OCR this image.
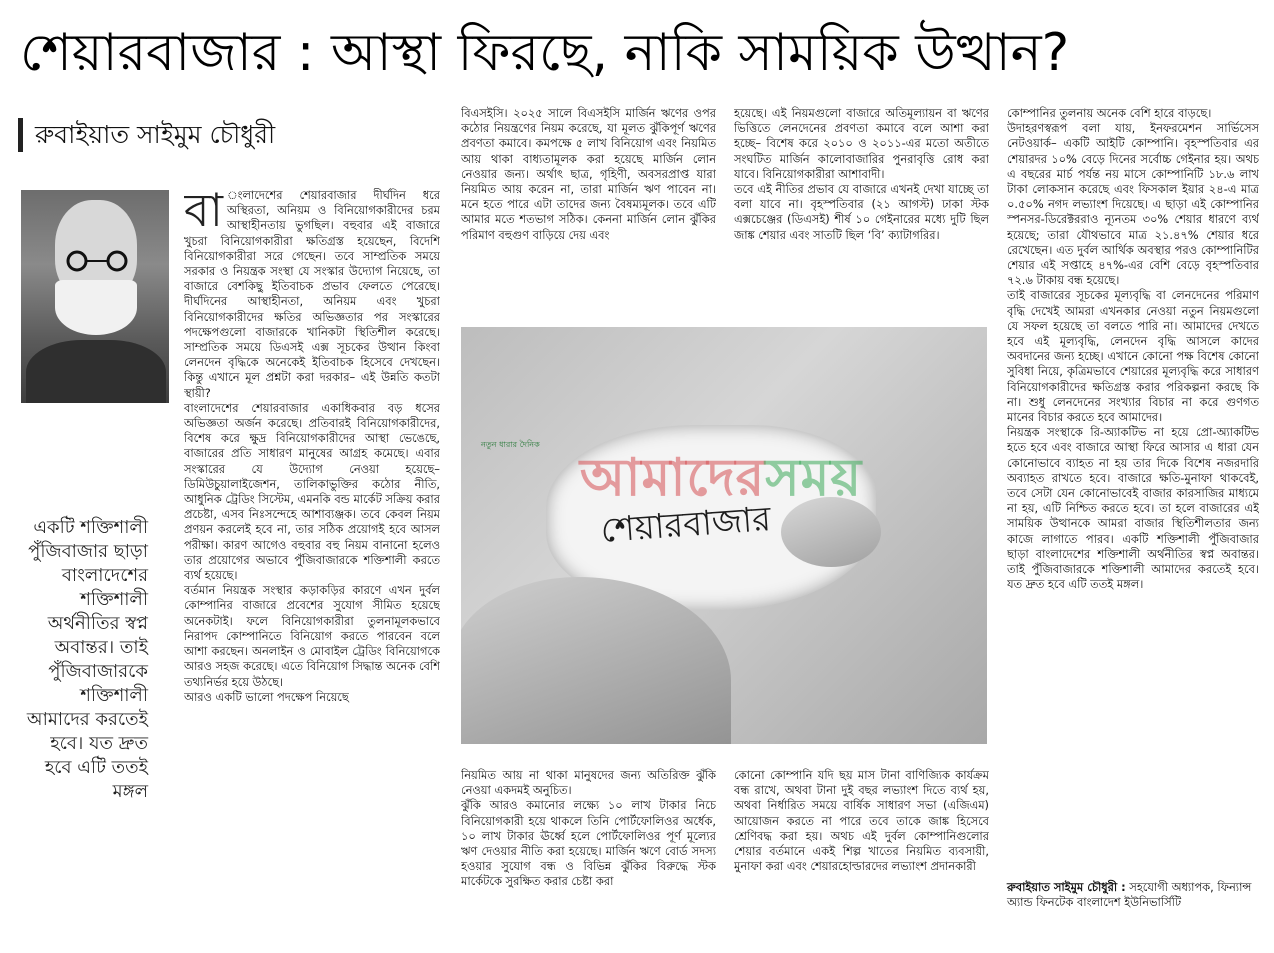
শেয়ারবাজার : আস্থা ফিরছে, নাকি সাময়িক উত্থান?
রুবাইয়াত সাইমুম চৌধুরী
একটি শক্তিশালী পুঁজিবাজার ছাড়া বাংলাদেশের শক্তিশালী অর্থনীতির স্বপ্ন অবান্তর। তাই পুঁজিবাজারকে শক্তিশালী আমাদের করতেই হবে। যত দ্রুত হবে এটি ততই মঙ্গল

বা ংলাদেশের শেয়ারবাজার দীর্ঘদিন ধরে অস্থিরতা, অনিয়ম ও বিনিয়োগকারীদের চরম আস্থাহীনতায় ভুগছিল। বহুবার এই বাজারে খুচরা বিনিয়োগকারীরা ক্ষতিগ্রস্ত হয়েছেন, বিদেশি বিনিয়োগকারীরা সরে গেছেন। তবে সাম্প্রতিক সময়ে সরকার ও নিয়ন্ত্রক সংস্থা যে সংস্কার উদ্যোগ নিয়েছে, তা বাজারে বেশকিছু ইতিবাচক প্রভাব ফেলতে পেরেছে। দীর্ঘদিনের আস্থাহীনতা, অনিয়ম এবং খুচরা বিনিয়োগকারীদের ক্ষতির অভিজ্ঞতার পর সংস্কারের পদক্ষেপগুলো বাজারকে খানিকটা স্থিতিশীল করেছে। সাম্প্রতিক সময়ে ডিএসই এক্স সূচকের উত্থান কিংবা লেনদেন বৃদ্ধিকে অনেকেই ইতিবাচক হিসেবে দেখছেন। কিন্তু এখানে মূল প্রশ্নটা করা দরকার– এই উন্নতি কতটা স্থায়ী?

বাংলাদেশের শেয়ারবাজার একাধিকবার বড় ধসের অভিজ্ঞতা অর্জন করেছে। প্রতিবারই বিনিয়োগকারীদের, বিশেষ করে ক্ষুদ্র বিনিয়োগকারীদের আস্থা ভেঙেছে, বাজারের প্রতি সাধারণ মানুষের আগ্রহ কমেছে। এবার সংস্কারের যে উদ্যোগ নেওয়া হয়েছে– ডিমিউচুয়ালাইজেশন, তালিকাভুক্তির কঠোর নীতি, আধুনিক ট্রেডিং সিস্টেম, এমনকি বন্ড মার্কেট সক্রিয় করার প্রচেষ্টা, এসব নিঃসন্দেহে আশাব্যঞ্জক। তবে কেবল নিয়ম প্রণয়ন করলেই হবে না, তার সঠিক প্রয়োগই হবে আসল পরীক্ষা। কারণ আগেও বহুবার বহু নিয়ম বানানো হলেও তার প্রয়োগের অভাবে পুঁজিবাজারকে শক্তিশালী করতে ব্যর্থ হয়েছে।

বর্তমান নিয়ন্ত্রক সংস্থার কড়াকড়ির কারণে এখন দুর্বল কোম্পানির বাজারে প্রবেশের সুযোগ সীমিত হয়েছে অনেকটাই। ফলে বিনিয়োগকারীরা তুলনামূলকভাবে নিরাপদ কোম্পানিতে বিনিয়োগ করতে পারবেন বলে আশা করছেন। অনলাইন ও মোবাইল ট্রেডিং বিনিয়োগকে আরও সহজ করেছে। এতে বিনিয়োগ সিদ্ধান্ত অনেক বেশি তথ্যনির্ভর হয়ে উঠছে।

আরও একটি ভালো পদক্ষেপ নিয়েছে

বিএসইসি। ২০২৫ সালে বিএসইসি মার্জিন ঋণের ওপর কঠোর নিয়ন্ত্রণের নিয়ম করেছে, যা মূলত ঝুঁকিপূর্ণ ঋণের প্রবণতা কমাবে। কমপক্ষে ৫ লাখ বিনিয়োগ এবং নিয়মিত আয় থাকা বাধ্যতামূলক করা হয়েছে মার্জিন লোন নেওয়ার জন্য। অর্থাৎ ছাত্র, গৃহিণী, অবসরপ্রাপ্ত যারা নিয়মিত আয় করেন না, তারা মার্জিন ঋণ পাবেন না। মনে হতে পারে এটা তাদের জন্য বৈষম্যমূলক। তবে এটি আমার মতে শতভাগ সঠিক। কেননা মার্জিন লোন ঝুঁকির পরিমাণ বহুগুণ বাড়িয়ে দেয় এবং

হয়েছে। এই নিয়মগুলো বাজারে অতিমূল্যায়ন বা ঋণের ভিত্তিতে লেনদেনের প্রবণতা কমাবে বলে আশা করা হচ্ছে– বিশেষ করে ২০১০ ও ২০১১-এর মতো অতীতে সংঘটিত মার্জিন কালোবাজারির পুনরাবৃত্তি রোধ করা যাবে। বিনিয়োগকারীরা আশাবাদী।

তবে এই নীতির প্রভাব যে বাজারে এখনই দেখা যাচ্ছে তা বলা যাবে না। বৃহস্পতিবার (২১ আগস্ট) ঢাকা স্টক এক্সচেঞ্জের (ডিএসই) শীর্ষ ১০ গেইনারের মধ্যে দুটি ছিল জাঙ্ক শেয়ার এবং সাতটি ছিল ‘বি’ ক্যাটাগরির।

শেয়ারবাজার
নতুন ধারার দৈনিক
আমাদেরসময়

নিয়মিত আয় না থাকা মানুষদের জন্য অতিরিক্ত ঝুঁকি নেওয়া একদমই অনুচিত।

ঝুঁকি আরও কমানোর লক্ষ্যে ১০ লাখ টাকার নিচে বিনিয়োগকারী হয়ে থাকলে তিনি পোর্টফোলিওর অর্ধেক, ১০ লাখ টাকার ঊর্ধ্বে হলে পোর্টফোলিওর পূর্ণ মূল্যের ঋণ দেওয়ার নীতি করা হয়েছে। মার্জিন ঋণে বোর্ড সদস্য হওয়ার সুযোগ বন্ধ ও বিভিন্ন ঝুঁকির বিরুদ্ধে স্টক মার্কেটকে সুরক্ষিত করার চেষ্টা করা

কোনো কোম্পানি যদি ছয় মাস টানা বাণিজ্যিক কার্যক্রম বন্ধ রাখে, অথবা টানা দুই বছর লভ্যাংশ দিতে ব্যর্থ হয়, অথবা নির্ধারিত সময়ে বার্ষিক সাধারণ সভা (এজিএম) আয়োজন করতে না পারে তবে তাকে জাঙ্ক হিসেবে শ্রেণিবদ্ধ করা হয়। অথচ এই দুর্বল কোম্পানিগুলোর শেয়ার বর্তমানে একই শিল্প খাতের নিয়মিত ব্যবসায়ী, মুনাফা করা এবং শেয়ারহোল্ডারদের লভ্যাংশ প্রদানকারী

কোম্পানির তুলনায় অনেক বেশি হারে বাড়ছে।

উদাহরণস্বরূপ বলা যায়, ইনফরমেশন সার্ভিসেস নেটওয়ার্ক– একটি আইটি কোম্পানি। বৃহস্পতিবার এর শেয়ারদর ১০% বেড়ে দিনের সর্বোচ্চ গেইনার হয়। অথচ এ বছরের মার্চ পর্যন্ত নয় মাসে কোম্পানিটি ১৮.৬ লাখ টাকা লোকসান করেছে এবং ফিসকাল ইয়ার ২৪-এ মাত্র ০.৫০% নগদ লভ্যাংশ দিয়েছে। এ ছাড়া এই কোম্পানির স্পনসর-ডিরেক্টররাও ন্যূনতম ৩০% শেয়ার ধারণে ব্যর্থ হয়েছে; তারা যৌথভাবে মাত্র ২১.৪৭% শেয়ার ধরে রেখেছেন। এত দুর্বল আর্থিক অবস্থার পরও কোম্পানিটির শেয়ার এই সপ্তাহে ৪৭%-এর বেশি বেড়ে বৃহস্পতিবার ৭২.৬ টাকায় বন্ধ হয়েছে।

তাই বাজারের সূচকের মূল্যবৃদ্ধি বা লেনদেনের পরিমাণ বৃদ্ধি দেখেই আমরা এখনকার নেওয়া নতুন নিয়মগুলো যে সফল হয়েছে তা বলতে পারি না। আমাদের দেখতে হবে এই মূল্যবৃদ্ধি, লেনদেন বৃদ্ধি আসলে কাদের অবদানের জন্য হচ্ছে। এখানে কোনো পক্ষ বিশেষ কোনো সুবিধা নিয়ে, কৃত্রিমভাবে শেয়ারের মূল্যবৃদ্ধি করে সাধারণ বিনিয়োগকারীদের ক্ষতিগ্রস্ত করার পরিকল্পনা করছে কি না। শুধু লেনদেনের সংখ্যার বিচার না করে গুণগত মানের বিচার করতে হবে আমাদের।

নিয়ন্ত্রক সংস্থাকে রি-অ্যাকটিভ না হয়ে প্রো-অ্যাকটিভ হতে হবে এবং বাজারে আস্থা ফিরে আসার এ ধারা যেন কোনোভাবে ব্যাহত না হয় তার দিকে বিশেষ নজরদারি অব্যাহত রাখতে হবে। বাজারে ক্ষতি-মুনাফা থাকবেই, তবে সেটা যেন কোনোভাবেই বাজার কারসাজির মাধ্যমে না হয়, এটি নিশ্চিত করতে হবে। তা হলে বাজারের এই সাময়িক উত্থানকে আমরা বাজার স্থিতিশীলতার জন্য কাজে লাগাতে পারব। একটি শক্তিশালী পুঁজিবাজার ছাড়া বাংলাদেশের শক্তিশালী অর্থনীতির স্বপ্ন অবান্তর। তাই পুঁজিবাজারকে শক্তিশালী আমাদের করতেই হবে। যত দ্রুত হবে এটি ততই মঙ্গল।

রুবাইয়াত সাইমুম চৌধুরী : সহযোগী অধ্যাপক, ফিন্যান্স অ্যান্ড ফিনটেক বাংলাদেশ ইউনিভার্সিটি
